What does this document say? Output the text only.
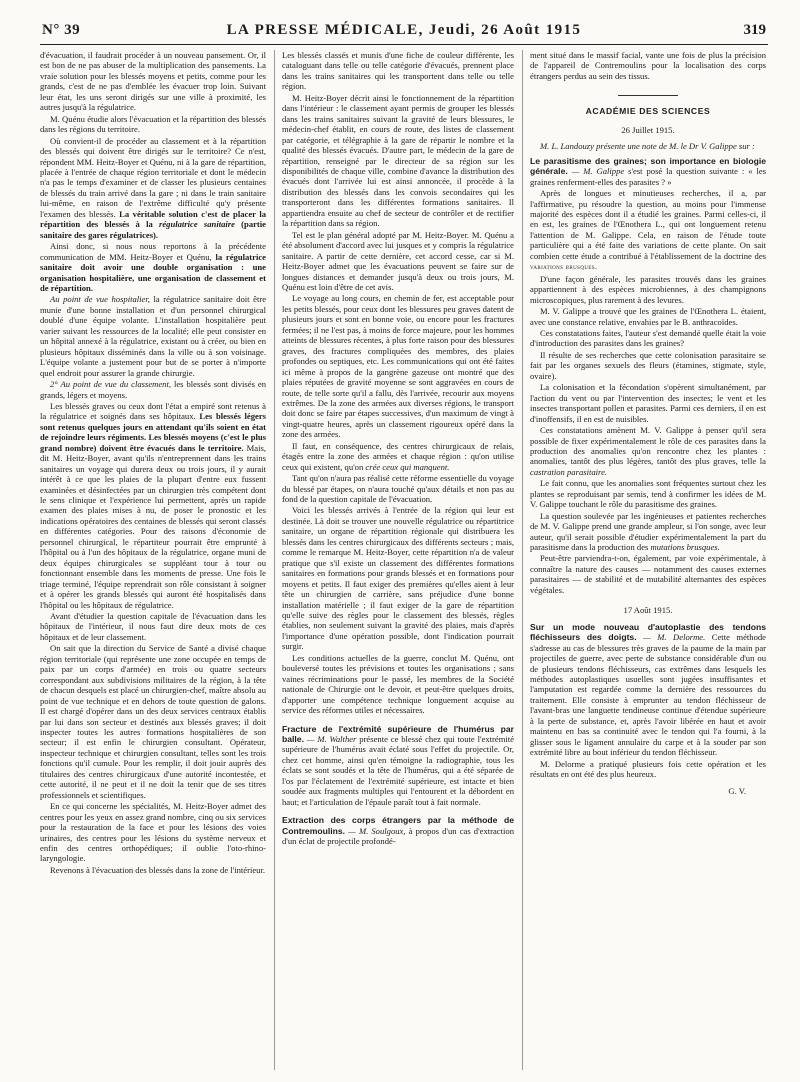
N° 39	LA PRESSE MÉDICALE, Jeudi, 26 Août 1915	319

d'évacuation, il faudrait procéder à un nouveau pansement. Or, il est bon de ne pas abuser de la multiplication des pansements. La vraie solution pour les blessés moyens et petits, comme pour les grands, c'est de ne pas d'emblée les évacuer trop loin. Suivant leur état, les uns seront dirigés sur une ville à proximité, les autres jusqu'à la régulatrice.

M. Quénu étudie alors l'évacuation et la répartition des blessés dans les régions du territoire.

Où convient-il de procéder au classement et à la répartition des blessés qui doivent être dirigés sur le territoire? Ce n'est, répondent MM. Heitz-Boyer et Quénu, ni à la gare de répartition, placée à l'entrée de chaque région territoriale et dont le médecin n'a pas le temps d'examiner et de classer les plusieurs centaines de blessés du train arrivé dans la gare ; ni dans le train sanitaire lui-même, en raison de l'extrême difficulté qu'y présente l'examen des blessés. La véritable solution c'est de placer la répartition des blessés à la régulatrice sanitaire (partie sanitaire des gares régulatrices).

Ainsi donc, si nous nous reportons à la précédente communication de MM. Heitz-Boyer et Quénu, la régulatrice sanitaire doit avoir une double organisation : une organisation hospitalière, une organisation de classement et de répartition.

Au point de vue hospitalier, la régulatrice sanitaire doit être munie d'une bonne installation et d'un personnel chirurgical doublé d'une équipe volante. L'installation hospitalière peut varier suivant les ressources de la localité; elle peut consister en un hôpital annexé à la régulatrice, existant ou à créer, ou bien en plusieurs hôpitaux disséminés dans la ville ou à son voisinage. L'équipe volante a justement pour but de se porter à n'importe quel endroit pour assurer la grande chirurgie.

2° Au point de vue du classement, les blessés sont divisés en grands, légers et moyens.

Les blessés graves ou ceux dont l'état a empiré sont retenus à la régulatrice et soignés dans ses hôpitaux. Les blessés légers sont retenus quelques jours en attendant qu'ils soient en état de rejoindre leurs régiments. Les blessés moyens (c'est le plus grand nombre) doivent être évacués dans le territoire. Mais, dit M. Heitz-Boyer, avant qu'ils n'entreprennent dans les trains sanitaires un voyage qui durera deux ou trois jours, il y aurait intérêt à ce que les plaies de la plupart d'entre eux fussent examinées et désinfectées par un chirurgien très compétent dont le sens clinique et l'expérience lui permettent, après un rapide examen des plaies mises à nu, de poser le pronostic et les indications opératoires des centaines de blessés qui seront classés en différentes catégories. Pour des raisons d'économie de personnel chirurgical, le répartiteur pourrait être emprunté à l'hôpital ou à l'un des hôpitaux de la régulatrice, organe muni de deux équipes chirurgicales se suppléant tour à tour ou fonctionnant ensemble dans les moments de presse. Une fois le triage terminé, l'équipe reprendrait son rôle consistant à soigner et à opérer les grands blessés qui auront été hospitalisés dans l'hôpital ou les hôpitaux de régulatrice.

Avant d'étudier la question capitale de l'évacuation dans les hôpitaux de l'intérieur, il nous faut dire deux mots de ces hôpitaux et de leur classement.

On sait que la direction du Service de Santé a divisé chaque région territoriale (qui représente une zone occupée en temps de paix par un corps d'armée) en trois ou quatre secteurs correspondant aux subdivisions militaires de la région, à la tête de chacun desquels est placé un chirurgien-chef, maître absolu au point de vue technique et en dehors de toute question de galons. Il est chargé d'opérer dans un des deux services centraux établis par lui dans son secteur et destinés aux blessés graves; il doit inspecter toutes les autres formations hospitalières de son secteur; il est enfin le chirurgien consultant. Opérateur, inspecteur technique et chirurgien consultant, telles sont les trois fonctions qu'il cumule. Pour les remplir, il doit jouir auprès des titulaires des centres chirurgicaux d'une autorité incontestée, et cette autorité, il ne peut et il ne doit la tenir que de ses titres professionnels et scientifiques.

En ce qui concerne les spécialités, M. Heitz-Boyer admet des centres pour les yeux en assez grand nombre, cinq ou six services pour la restauration de la face et pour les lésions des voies urinaires, des centres pour les lésions du système nerveux et enfin des centres orthopédiques; il oublie l'oto-rhino-laryngologie.

Revenons à l'évacuation des blessés dans la zone de l'intérieur.

Les blessés classés et munis d'une fiche de couleur différente, les cataloguant dans telle ou telle catégorie d'évacués, prennent place dans les trains sanitaires qui les transportent dans telle ou telle région.

M. Heitz-Boyer décrit ainsi le fonctionnement de la répartition dans l'intérieur : le classement ayant permis de grouper les blessés dans les trains sanitaires suivant la gravité de leurs blessures, le médecin-chef établit, en cours de route, des listes de classement par catégorie, et télégraphie à la gare de répartir le nombre et la qualité des blessés évacués. D'autre part, le médecin de la gare de répartition, renseigné par le directeur de sa région sur les disponibilités de chaque ville, combine d'avance la distribution des évacués dont l'arrivée lui est ainsi annoncée, il procède à la distribution des blessés dans les convois secondaires qui les transporteront dans les différentes formations sanitaires. Il appartiendra ensuite au chef de secteur de contrôler et de rectifier la répartition dans sa région.

Tel est le plan général adopté par M. Heitz-Boyer. M. Quénu a été absolument d'accord avec lui jusques et y compris la régulatrice sanitaire. A partir de cette dernière, cet accord cesse, car si M. Heitz-Boyer admet que les évacuations peuvent se faire sur de longues distances et demander jusqu'à deux ou trois jours, M. Quénu est loin d'être de cet avis.

Le voyage au long cours, en chemin de fer, est acceptable pour les petits blessés, pour ceux dont les blessures peu graves datent de plusieurs jours et sont en bonne voie, ou encore pour les fractures fermées; il ne l'est pas, à moins de force majeure, pour les hommes atteints de blessures récentes, à plus forte raison pour des blessures graves, des fractures compliquées des membres, des plaies profondes ou septiques, etc. Les communications qui ont été faites ici même à propos de la gangrène gazeuse ont montré que des plaies réputées de gravité moyenne se sont aggravées en cours de route, de telle sorte qu'il a fallu, dès l'arrivée, recourir aux moyens extrêmes. De la zone des armées aux diverses régions, le transport doit donc se faire par étapes successives, d'un maximum de vingt à vingt-quatre heures, après un classement rigoureux opéré dans la zone des armées.

Il faut, en conséquence, des centres chirurgicaux de relais, étagés entre la zone des armées et chaque région : qu'on utilise ceux qui existent, qu'on crée ceux qui manquent.

Tant qu'on n'aura pas réalisé cette réforme essentielle du voyage du blessé par étapes, on n'aura touché qu'aux détails et non pas au fond de la question capitale de l'évacuation.

Voici les blessés arrivés à l'entrée de la région qui leur est destinée. Là doit se trouver une nouvelle régulatrice ou répartitrice sanitaire, un organe de répartition régionale qui distribuera les blessés dans les centres chirurgicaux des différents secteurs ; mais, comme le remarque M. Heitz-Boyer, cette répartition n'a de valeur pratique que s'il existe un classement des différentes formations sanitaires en formations pour grands blessés et en formations pour moyens et petits. Il faut exiger des premières qu'elles aient à leur tête un chirurgien de carrière, sans préjudice d'une bonne installation matérielle ; il faut exiger de la gare de répartition qu'elle suive des règles pour le classement des blessés, règles établies, non seulement suivant la gravité des plaies, mais d'après l'importance d'une opération possible, dont l'indication pourrait surgir.

Les conditions actuelles de la guerre, conclut M. Quénu, ont bouleversé toutes les prévisions et toutes les organisations ; sans vaines récriminations pour le passé, les membres de la Société nationale de Chirurgie ont le devoir, et peut-être quelques droits, d'apporter une compétence technique longuement acquise au service des réformes utiles et nécessaires.

Fracture de l'extrémité supérieure de l'humérus par balle. — M. Walther présente ce blessé chez qui toute l'extrémité supérieure de l'humérus avait éclaté sous l'effet du projectile. Or, chez cet homme, ainsi qu'en témoigne la radiographie, tous les éclats se sont soudés et la tête de l'humérus, qui a été séparée de l'os par l'éclatement de l'extrémité supérieure, est intacte et bien soudée aux fragments multiples qui l'entourent et la débordent en haut; et l'articulation de l'épaule paraît tout à fait normale.

Extraction des corps étrangers par la méthode de Contremoulins. — M. Soulgoux, à propos d'un cas d'extraction d'un éclat de projectile profondé-

ment situé dans le massif facial, vante une fois de plus la précision de l'appareil de Contremoulins pour la localisation des corps étrangers perdus au sein des tissus.

ACADÉMIE DES SCIENCES

26 Juillet 1915.

M. L. Landouzy présente une note de M. le Dr V. Galippe sur :

Le parasitisme des graines; son importance en biologie générale. — M. Galippe s'est posé la question suivante : « les graines renferment-elles des parasites ? »

Après de longues et minutieuses recherches, il a, par l'affirmative, pu résoudre la question, au moins pour l'immense majorité des espèces dont il a étudié les graines. Parmi celles-ci, il en est, les graines de l'Œnothera L., qui ont longuement retenu l'attention de M. Galippe. Cela, en raison de l'étude toute particulière qui a été faite des variations de cette plante. On sait combien cette étude a contribué à l'établissement de la doctrine des variations brusques.

D'une façon générale, les parasites trouvés dans les graines appartiennent à des espèces microbiennes, à des champignons microscopiques, plus rarement à des levures.

M. V. Galippe a trouvé que les graines de l'Œnothera L. étaient, avec une constance relative, envahies par le B. anthracoïdes.

Ces constatations faites, l'auteur s'est demandé quelle était la voie d'introduction des parasites dans les graines?

Il résulte de ses recherches que cette colonisation parasitaire se fait par les organes sexuels des fleurs (étamines, stigmate, style, ovaire).

La colonisation et la fécondation s'opèrent simultanément, par l'action du vent ou par l'intervention des insectes; le vent et les insectes transportant pollen et parasites. Parmi ces derniers, il en est d'inoffensifs, il en est de nuisibles.

Ces constatations amènent M. V. Galippe à penser qu'il sera possible de fixer expérimentalement le rôle de ces parasites dans la production des anomalies qu'on rencontre chez les plantes : anomalies, tantôt des plus légères, tantôt des plus graves, telle la castration parasitaire.

Le fait connu, que les anomalies sont fréquentes surtout chez les plantes se reproduisant par semis, tend à confirmer les idées de M. V. Galippe touchant le rôle du parasitisme des graines.

La question soulevée par les ingénieuses et patientes recherches de M. V. Galippe prend une grande ampleur, si l'on songe, avec leur auteur, qu'il serait possible d'étudier expérimentalement la part du parasitisme dans la production des mutations brusques.

Peut-être parviendra-t-on, également, par voie expérimentale, à connaître la nature des causes — notamment des causes externes parasitaires — de stabilité et de mutabilité alternantes des espèces végétales.

17 Août 1915.

Sur un mode nouveau d'autoplastie des tendons fléchisseurs des doigts. — M. Delorme. Cette méthode s'adresse au cas de blessures très graves de la paume de la main par projectiles de guerre, avec perte de substance considérable d'un ou de plusieurs tendons fléchisseurs, cas extrêmes dans lesquels les méthodes autoplastiques usuelles sont jugées insuffisantes et l'amputation est regardée comme la dernière des ressources du traitement. Elle consiste à emprunter au tendon fléchisseur de l'avant-bras une languette tendineuse continue d'étendue supérieure à la perte de substance, et, après l'avoir libérée en haut et avoir maintenu en bas sa continuité avec le tendon qui l'a fourni, à la glisser sous le ligament annulaire du carpe et à la souder par son extrémité libre au bout inférieur du tendon fléchisseur.

M. Delorme a pratiqué plusieurs fois cette opération et les résultats en ont été des plus heureux.

G. V.
